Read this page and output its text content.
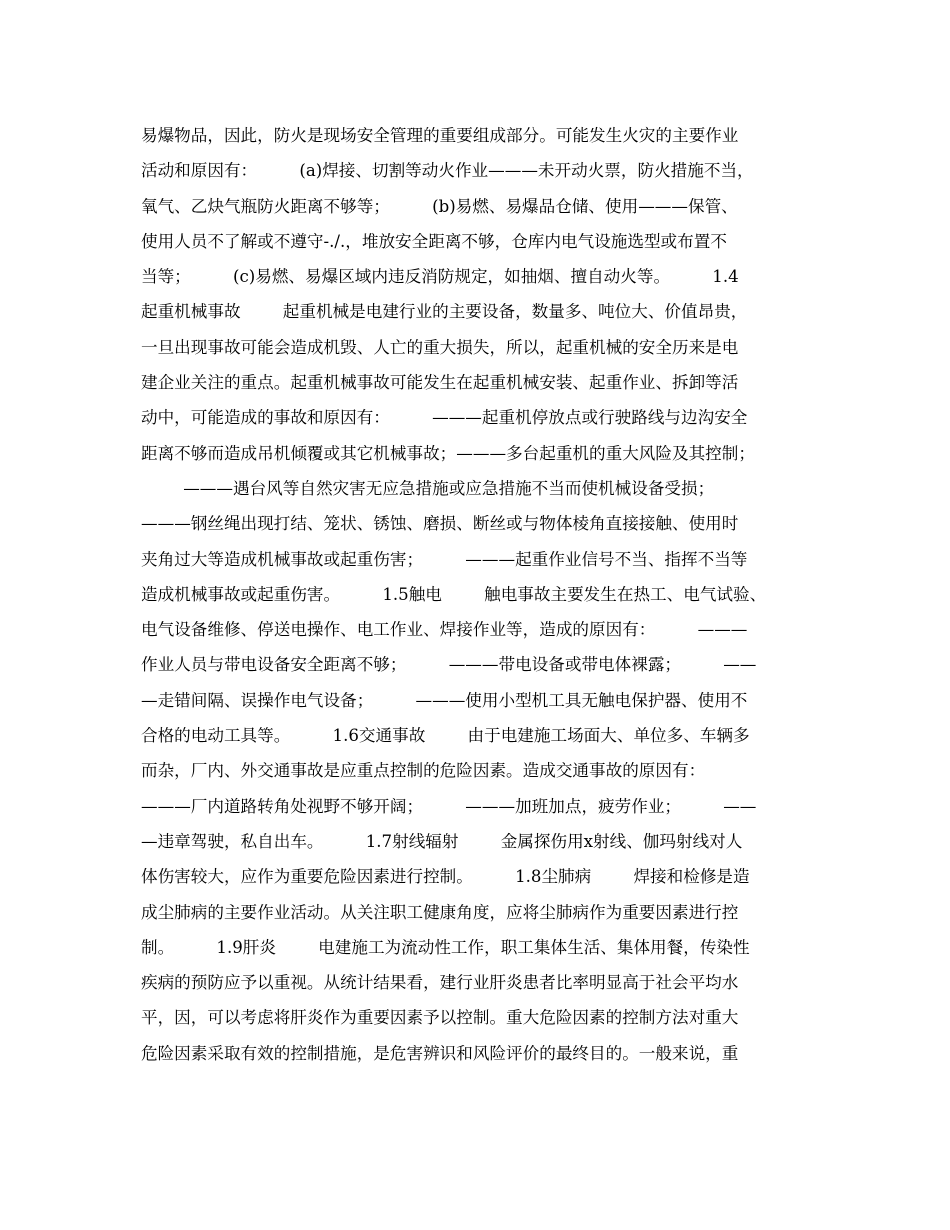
易爆物品，因此，防火是现场安全管理的重要组成部分。可能发生火灾的主要作业
活动和原因有：        (a)焊接、切割等动火作业———未开动火票，防火措施不当，
氧气、乙炔气瓶防火距离不够等；        (b)易燃、易爆品仓储、使用———保管、
使用人员不了解或不遵守-./.，堆放安全距离不够，仓库内电气设施选型或布置不
当等；        (c)易燃、易爆区域内违反消防规定，如抽烟、擅自动火等。        1.4
起重机械事故        起重机械是电建行业的主要设备，数量多、吨位大、价值昂贵，
一旦出现事故可能会造成机毁、人亡的重大损失，所以，起重机械的安全历来是电
建企业关注的重点。起重机械事故可能发生在起重机械安装、起重作业、拆卸等活
动中，可能造成的事故和原因有：        ———起重机停放点或行驶路线与边沟安全
距离不够而造成吊机倾覆或其它机械事故；———多台起重机的重大风险及其控制；
———遇台风等自然灾害无应急措施或应急措施不当而使机械设备受损；
———钢丝绳出现打结、笼状、锈蚀、磨损、断丝或与物体棱角直接接触、使用时
夹角过大等造成机械事故或起重伤害；        ———起重作业信号不当、指挥不当等
造成机械事故或起重伤害。        1.5触电        触电事故主要发生在热工、电气试验、
电气设备维修、停送电操作、电工作业、焊接作业等，造成的原因有：        ———
作业人员与带电设备安全距离不够；        ———带电设备或带电体裸露；        ——
—走错间隔、误操作电气设备；        ———使用小型机工具无触电保护器、使用不
合格的电动工具等。        1.6交通事故        由于电建施工场面大、单位多、车辆多
而杂，厂内、外交通事故是应重点控制的危险因素。造成交通事故的原因有：
———厂内道路转角处视野不够开阔；        ———加班加点，疲劳作业；        ——
—违章驾驶，私自出车。        1.7射线辐射        金属探伤用x射线、伽玛射线对人
体伤害较大，应作为重要危险因素进行控制。        1.8尘肺病        焊接和检修是造
成尘肺病的主要作业活动。从关注职工健康角度，应将尘肺病作为重要因素进行控
制。        1.9肝炎        电建施工为流动性工作，职工集体生活、集体用餐，传染性
疾病的预防应予以重视。从统计结果看，建行业肝炎患者比率明显高于社会平均水
平，因，可以考虑将肝炎作为重要因素予以控制。重大危险因素的控制方法对重大
危险因素采取有效的控制措施，是危害辨识和风险评价的最终目的。一般来说，重
